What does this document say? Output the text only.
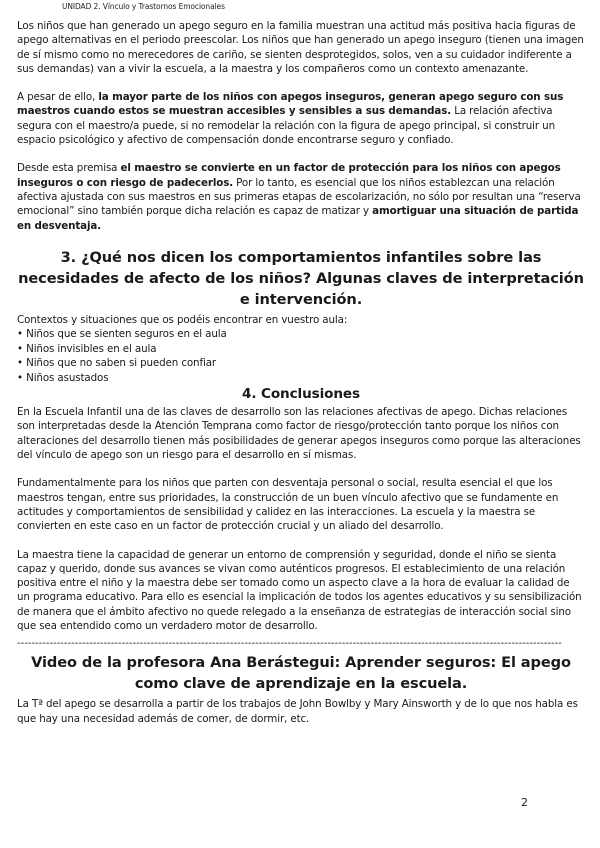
UNIDAD 2. Vínculo y Trastornos Emocionales

Los niños que han generado un apego seguro en la familia muestran una actitud más positiva hacia figuras de apego alternativas en el periodo preescolar. Los niños que han generado un apego inseguro (tienen una imagen de sí mismo como no merecedores de cariño, se sienten desprotegidos, solos, ven a su cuidador indiferente a sus demandas) van a vivir la escuela, a la maestra y los compañeros como un contexto amenazante.

A pesar de ello, la mayor parte de los niños con apegos inseguros, generan apego seguro con sus maestros cuando estos se muestran accesibles y sensibles a sus demandas. La relación afectiva segura con el maestro/a puede, si no remodelar la relación con la figura de apego principal, si construir un espacio psicológico y afectivo de compensación donde encontrarse seguro y confiado.

Desde esta premisa el maestro se convierte en un factor de protección para los niños con apegos inseguros o con riesgo de padecerlos. Por lo tanto, es esencial que los niños establezcan una relación afectiva ajustada con sus maestros en sus primeras etapas de escolarización, no sólo por resultan una “reserva emocional” sino también porque dicha relación es capaz de matizar y amortiguar una situación de partida en desventaja.

3. ¿Qué nos dicen los comportamientos infantiles sobre las necesidades de afecto de los niños? Algunas claves de interpretación e intervención.

Contextos y situaciones que os podéis encontrar en vuestro aula:

• Niños que se sienten seguros en el aula
• Niños invisibles en el aula
• Niños que no saben si pueden confiar
• Niños asustados
4. Conclusiones

En la Escuela Infantil una de las claves de desarrollo son las relaciones afectivas de apego. Dichas relaciones son interpretadas desde la Atención Temprana como factor de riesgo/protección tanto porque los niños con alteraciones del desarrollo tienen más posibilidades de generar apegos inseguros como porque las alteraciones del vínculo de apego son un riesgo para el desarrollo en sí mismas.

Fundamentalmente para los niños que parten con desventaja personal o social, resulta esencial el que los maestros tengan, entre sus prioridades, la construcción de un buen vínculo afectivo que se fundamente en actitudes y comportamientos de sensibilidad y calidez en las interacciones. La escuela y la maestra se convierten en este caso en un factor de protección crucial y un aliado del desarrollo.

La maestra tiene la capacidad de generar un entorno de comprensión y seguridad, donde el niño se sienta capaz y querido, donde sus avances se vivan como auténticos progresos. El establecimiento de una relación positiva entre el niño y la maestra debe ser tomado como un aspecto clave a la hora de evaluar la calidad de un programa educativo. Para ello es esencial la implicación de todos los agentes educativos y su sensibilización de manera que el ámbito afectivo no quede relegado a la enseñanza de estrategias de interacción social sino que sea entendido como un verdadero motor de desarrollo.

-------------------------------------------------------------------------------------------------------------------------------------------------------
Video de la profesora Ana Berástegui: Aprender seguros: El apego como clave de aprendizaje en la escuela.

La Tª del apego se desarrolla a partir de los trabajos de John Bowlby y Mary Ainsworth y de lo que nos habla es que hay una necesidad además de comer, de dormir, etc.

2
